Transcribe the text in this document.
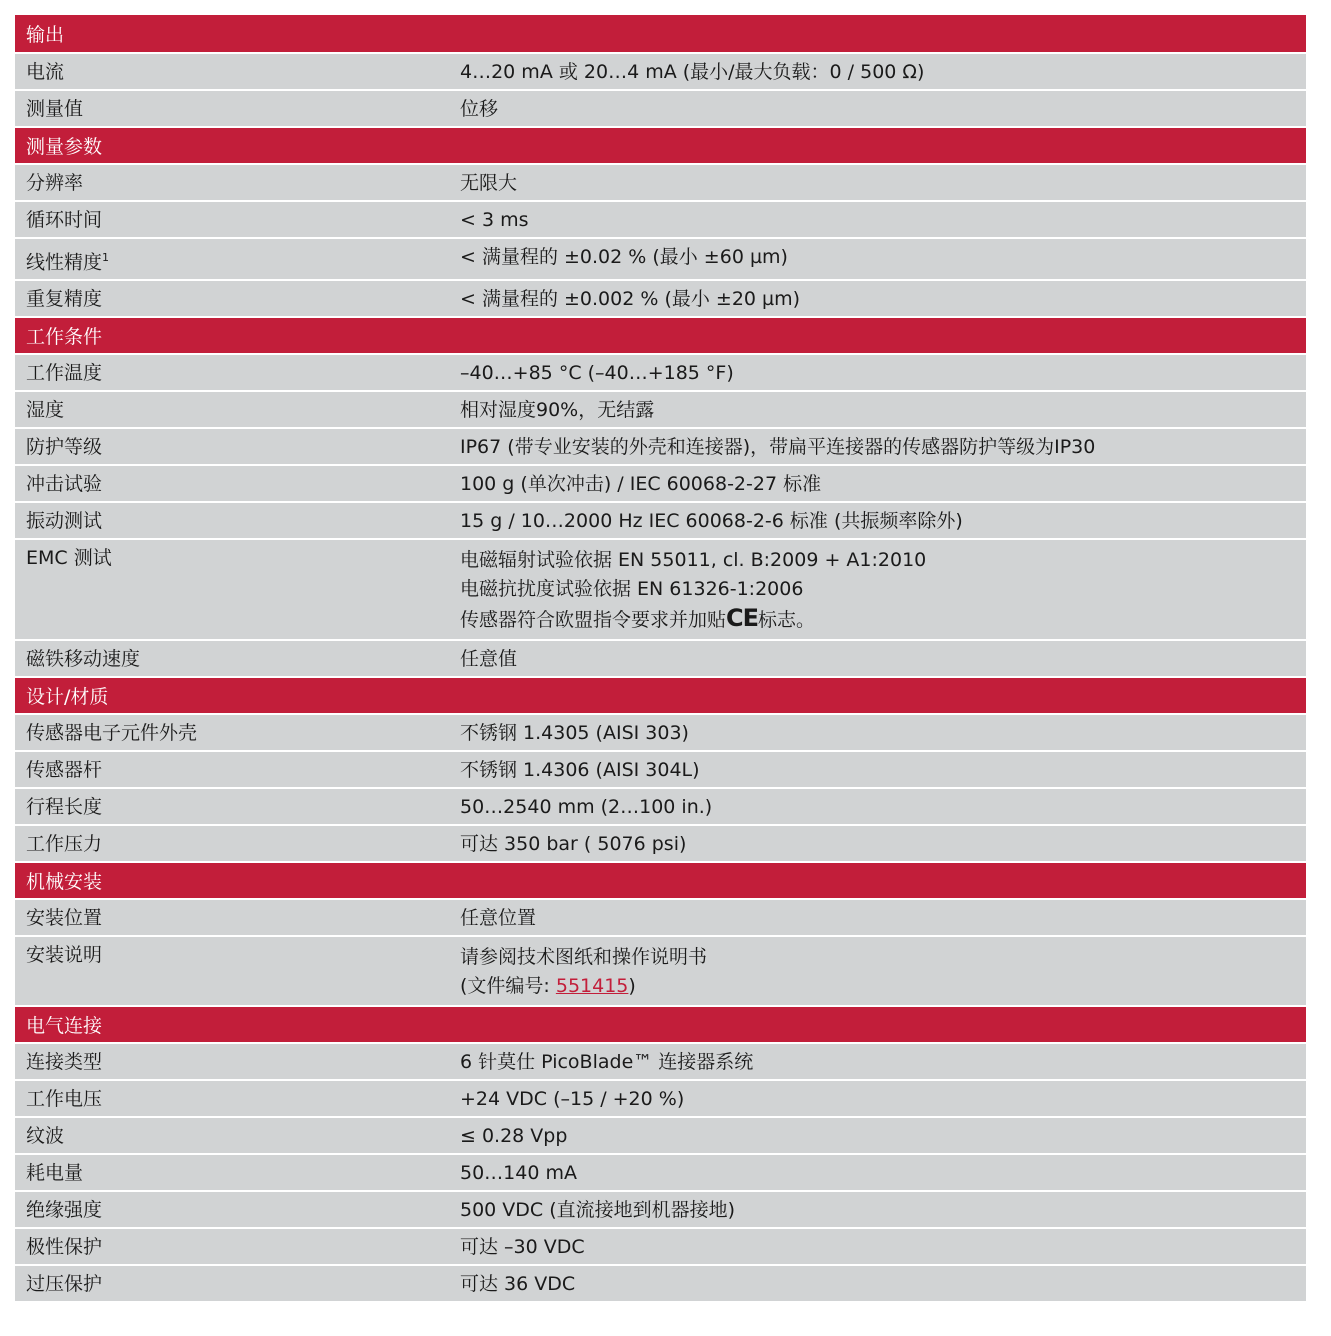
输出
电流	4…20 mA 或 20…4 mA (最小/最大负载：0 / 500 Ω)
测量值	位移
测量参数
分辨率	无限大
循环时间	< 3 ms
线性精度$^1$	< 满量程的 ±0.02 % (最小 ±60 µm)
重复精度	< 满量程的 ±0.002 % (最小 ±20 µm)
工作条件
工作温度	–40…+85 °C (–40…+185 °F)
湿度	相对湿度90%，无结露
防护等级	IP67 (带专业安装的外壳和连接器)，带扁平连接器的传感器防护等级为IP30
冲击试验	100 g (单次冲击) / IEC 60068-2-27 标准
振动测试	15 g / 10…2000 Hz IEC 60068-2-6 标准 (共振频率除外)
EMC 测试	电磁辐射试验依据 EN 55011, cl. B:2009 + A1:2010
电磁抗扰度试验依据 EN 61326-1:2006
传感器符合欧盟指令要求并加贴CE标志。
磁铁移动速度	任意值
设计/材质
传感器电子元件外壳	不锈钢 1.4305 (AISI 303)
传感器杆	不锈钢 1.4306 (AISI 304L)
行程长度	50…2540 mm (2…100 in.)
工作压力	可达 350 bar ( 5076 psi)
机械安装
安装位置	任意位置
安装说明	请参阅技术图纸和操作说明书
(文件编号: 551415)
电气连接
连接类型	6 针莫仕 PicoBlade™ 连接器系统
工作电压	+24 VDC (–15 / +20 %)
纹波	≤ 0.28 Vpp
耗电量	50…140 mA
绝缘强度	500 VDC (直流接地到机器接地)
极性保护	可达 –30 VDC
过压保护	可达 36 VDC
